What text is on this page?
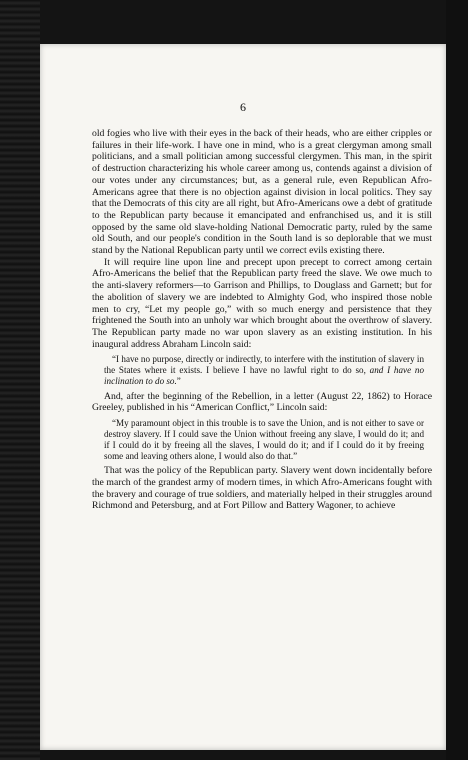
6

old fogies who live with their eyes in the back of their heads, who are either cripples or failures in their life-work. I have one in mind, who is a great clergyman among small politicians, and a small politician among successful clergymen. This man, in the spirit of destruction characterizing his whole career among us, contends against a division of our votes under any circumstances; but, as a general rule, even Republican Afro-Americans agree that there is no objection against division in local politics. They say that the Democrats of this city are all right, but Afro-Americans owe a debt of gratitude to the Republican party because it emancipated and enfranchised us, and it is still opposed by the same old slave-holding National Democratic party, ruled by the same old South, and our people's condition in the South land is so deplorable that we must stand by the National Republican party until we correct evils existing there.

It will require line upon line and precept upon precept to correct among certain Afro-Americans the belief that the Republican party freed the slave. We owe much to the anti-slavery reformers—to Garrison and Phillips, to Douglass and Garnett; but for the abolition of slavery we are indebted to Almighty God, who inspired those noble men to cry, “Let my people go,” with so much energy and persistence that they frightened the South into an unholy war which brought about the overthrow of slavery. The Republican party made no war upon slavery as an existing institution. In his inaugural address Abraham Lincoln said:

“I have no purpose, directly or indirectly, to interfere with the institution of slavery in the States where it exists. I believe I have no lawful right to do so, and I have no inclination to do so.”

And, after the beginning of the Rebellion, in a letter (August 22, 1862) to Horace Greeley, published in his “American Conflict,” Lincoln said:

“My paramount object in this trouble is to save the Union, and is not either to save or destroy slavery. If I could save the Union without freeing any slave, I would do it; and if I could do it by freeing all the slaves, I would do it; and if I could do it by freeing some and leaving others alone, I would also do that.”

That was the policy of the Republican party. Slavery went down incidentally before the march of the grandest army of modern times, in which Afro-Americans fought with the bravery and courage of true soldiers, and materially helped in their struggles around Richmond and Petersburg, and at Fort Pillow and Battery Wagoner, to achieve
